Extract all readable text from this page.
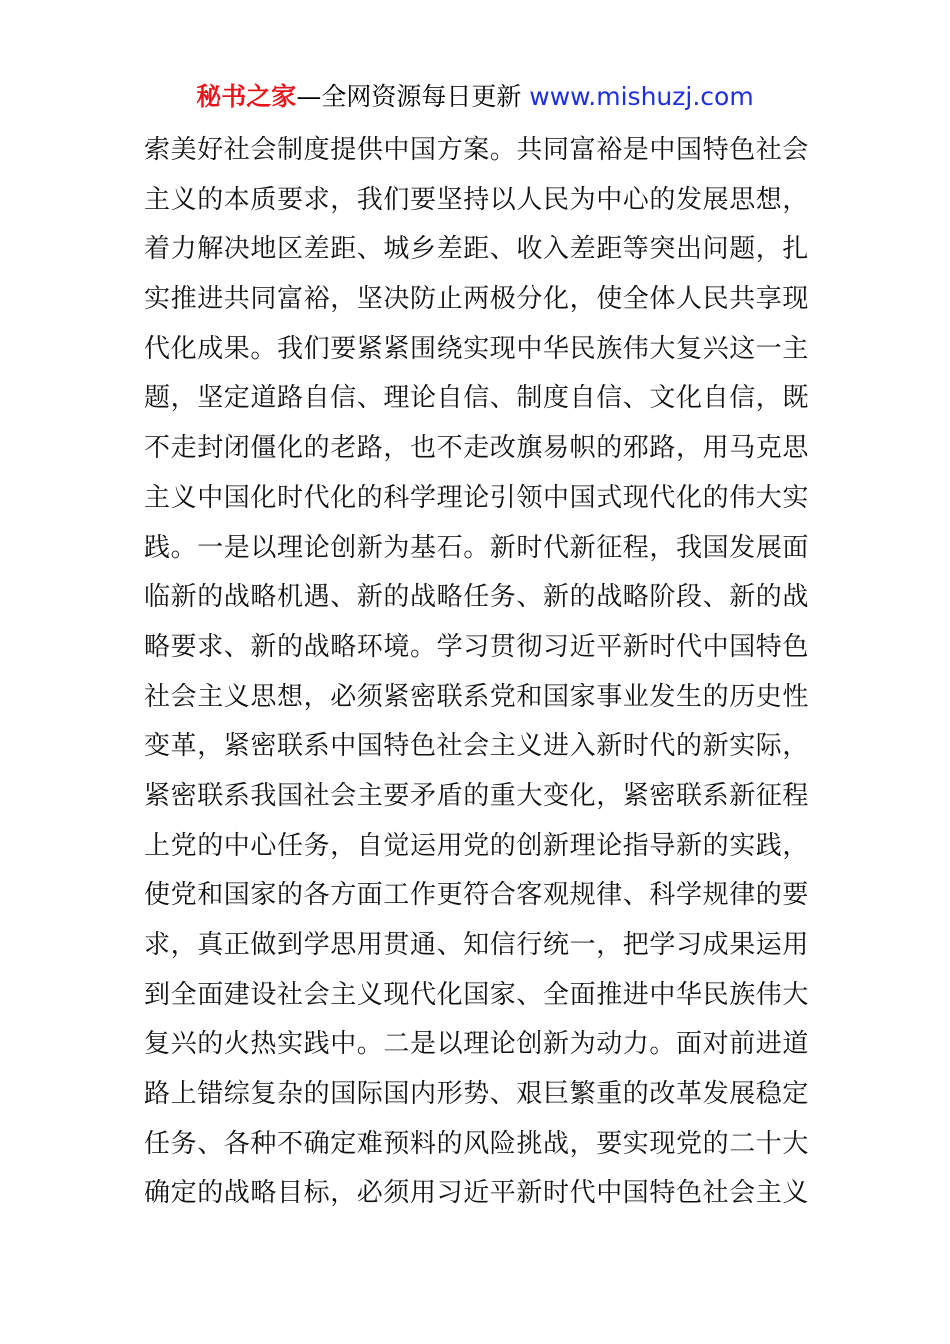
秘书之家—全网资源每日更新 www.mishuzj.com
索美好社会制度提供中国方案。共同富裕是中国特色社会
主义的本质要求，我们要坚持以人民为中心的发展思想，
着力解决地区差距、城乡差距、收入差距等突出问题，扎
实推进共同富裕，坚决防止两极分化，使全体人民共享现
代化成果。我们要紧紧围绕实现中华民族伟大复兴这一主
题，坚定道路自信、理论自信、制度自信、文化自信，既
不走封闭僵化的老路，也不走改旗易帜的邪路，用马克思
主义中国化时代化的科学理论引领中国式现代化的伟大实
践。一是以理论创新为基石。新时代新征程，我国发展面
临新的战略机遇、新的战略任务、新的战略阶段、新的战
略要求、新的战略环境。学习贯彻习近平新时代中国特色
社会主义思想，必须紧密联系党和国家事业发生的历史性
变革，紧密联系中国特色社会主义进入新时代的新实际，
紧密联系我国社会主要矛盾的重大变化，紧密联系新征程
上党的中心任务，自觉运用党的创新理论指导新的实践，
使党和国家的各方面工作更符合客观规律、科学规律的要
求，真正做到学思用贯通、知信行统一，把学习成果运用
到全面建设社会主义现代化国家、全面推进中华民族伟大
复兴的火热实践中。二是以理论创新为动力。面对前进道
路上错综复杂的国际国内形势、艰巨繁重的改革发展稳定
任务、各种不确定难预料的风险挑战，要实现党的二十大
确定的战略目标，必须用习近平新时代中国特色社会主义
